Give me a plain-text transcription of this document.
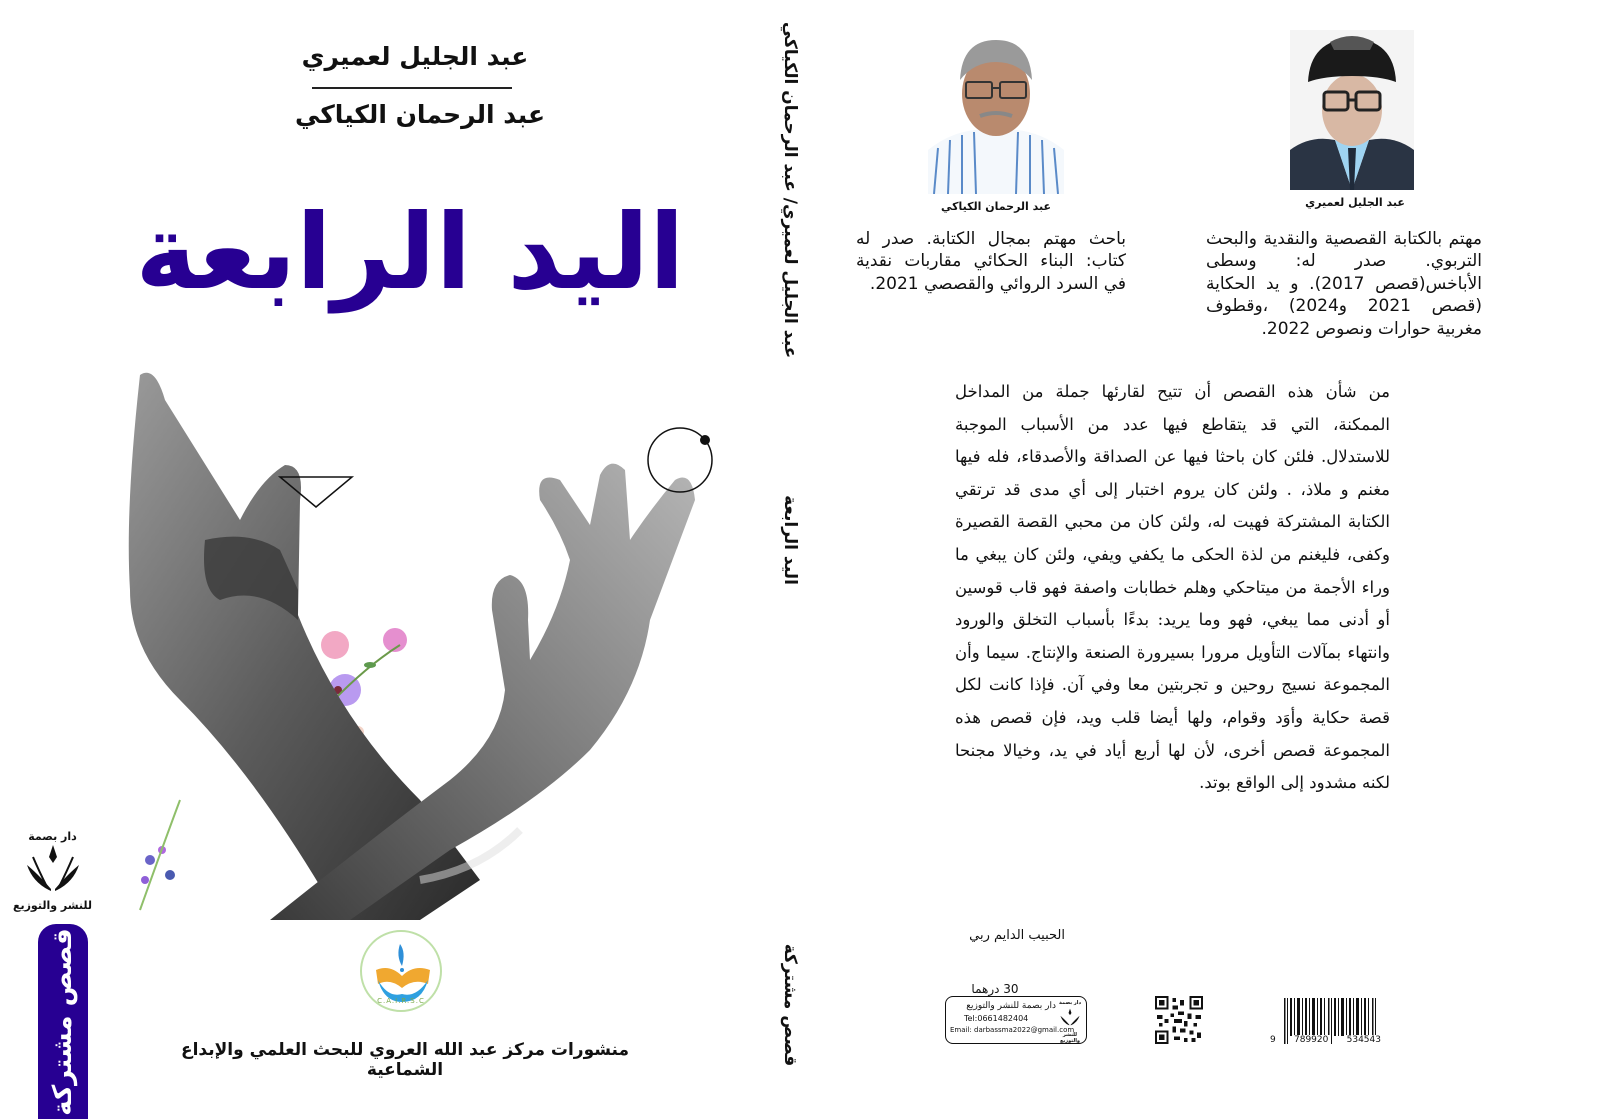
عبد الجليل لعميري
عبد الرحمان الكياكي
اليد الرابعة
دار بصمة
للنشر والتوزيع
قصص مشتركة	C.A.I.R.S.C
منشورات مركز عبد الله العروي للبحث العلمي والإبداع الشماعية
عبد الجليل لعميري/ عبد الرحمان الكياكي
اليد الرابعة
قصص مشتركة
عبد الجليل لعميري
عبد الرحمان الكياكي
مهتم بالكتابة القصصية والنقدية والبحث التربوي. صدر له: وسطى الأباخس(قصص 2017). و يد الحكاية (قصص 2021 و2024) ،وقطوف مغربية حوارات ونصوص 2022.
باحث مهتم بمجال الكتابة. صدر له كتاب: البناء الحكائي مقاربات نقدية في السرد الروائي والقصصي 2021.
من شأن هذه القصص أن تتيح لقارئها جملة من المداخل الممكنة، التي قد يتقاطع فيها عدد من الأسباب الموجبة للاستدلال. فلئن كان باحثا فيها عن الصداقة والأصدقاء، فله فيها مغنم و ملاذ، . ولئن كان يروم اختبار إلى أي مدى قد ترتقي الكتابة المشتركة فهيت له، ولئن كان من محبي القصة القصيرة وكفى، فليغنم من لذة الحكى ما يكفي ويفي، ولئن كان يبغي ما وراء الأجمة من ميتاحكي وهلم خطابات واصفة فهو قاب قوسين أو أدنى مما يبغي، فهو وما يريد: بدءًا بأسباب التخلق والورود وانتهاء بمآلات التأويل مرورا بسيرورة الصنعة والإنتاج. سيما وأن المجموعة نسيج روحين و تجربتين معا وفي آن. فإذا كانت لكل قصة حكاية وأوَد وقوام، ولها أيضا قلب ويد، فإن قصص هذه المجموعة قصص أخرى، لأن لها أربع أياد في يد، وخيالا مجنحا لكنه مشدود إلى الواقع بوتد.
الحبيب الدايم ربي
30 درهما
دار بصمة للنشر والتوزيع
Tel:0661482404
Email: darbassma2022@gmail.com
دار بصمة
للنشر والتوزيع	9 789920 534543
